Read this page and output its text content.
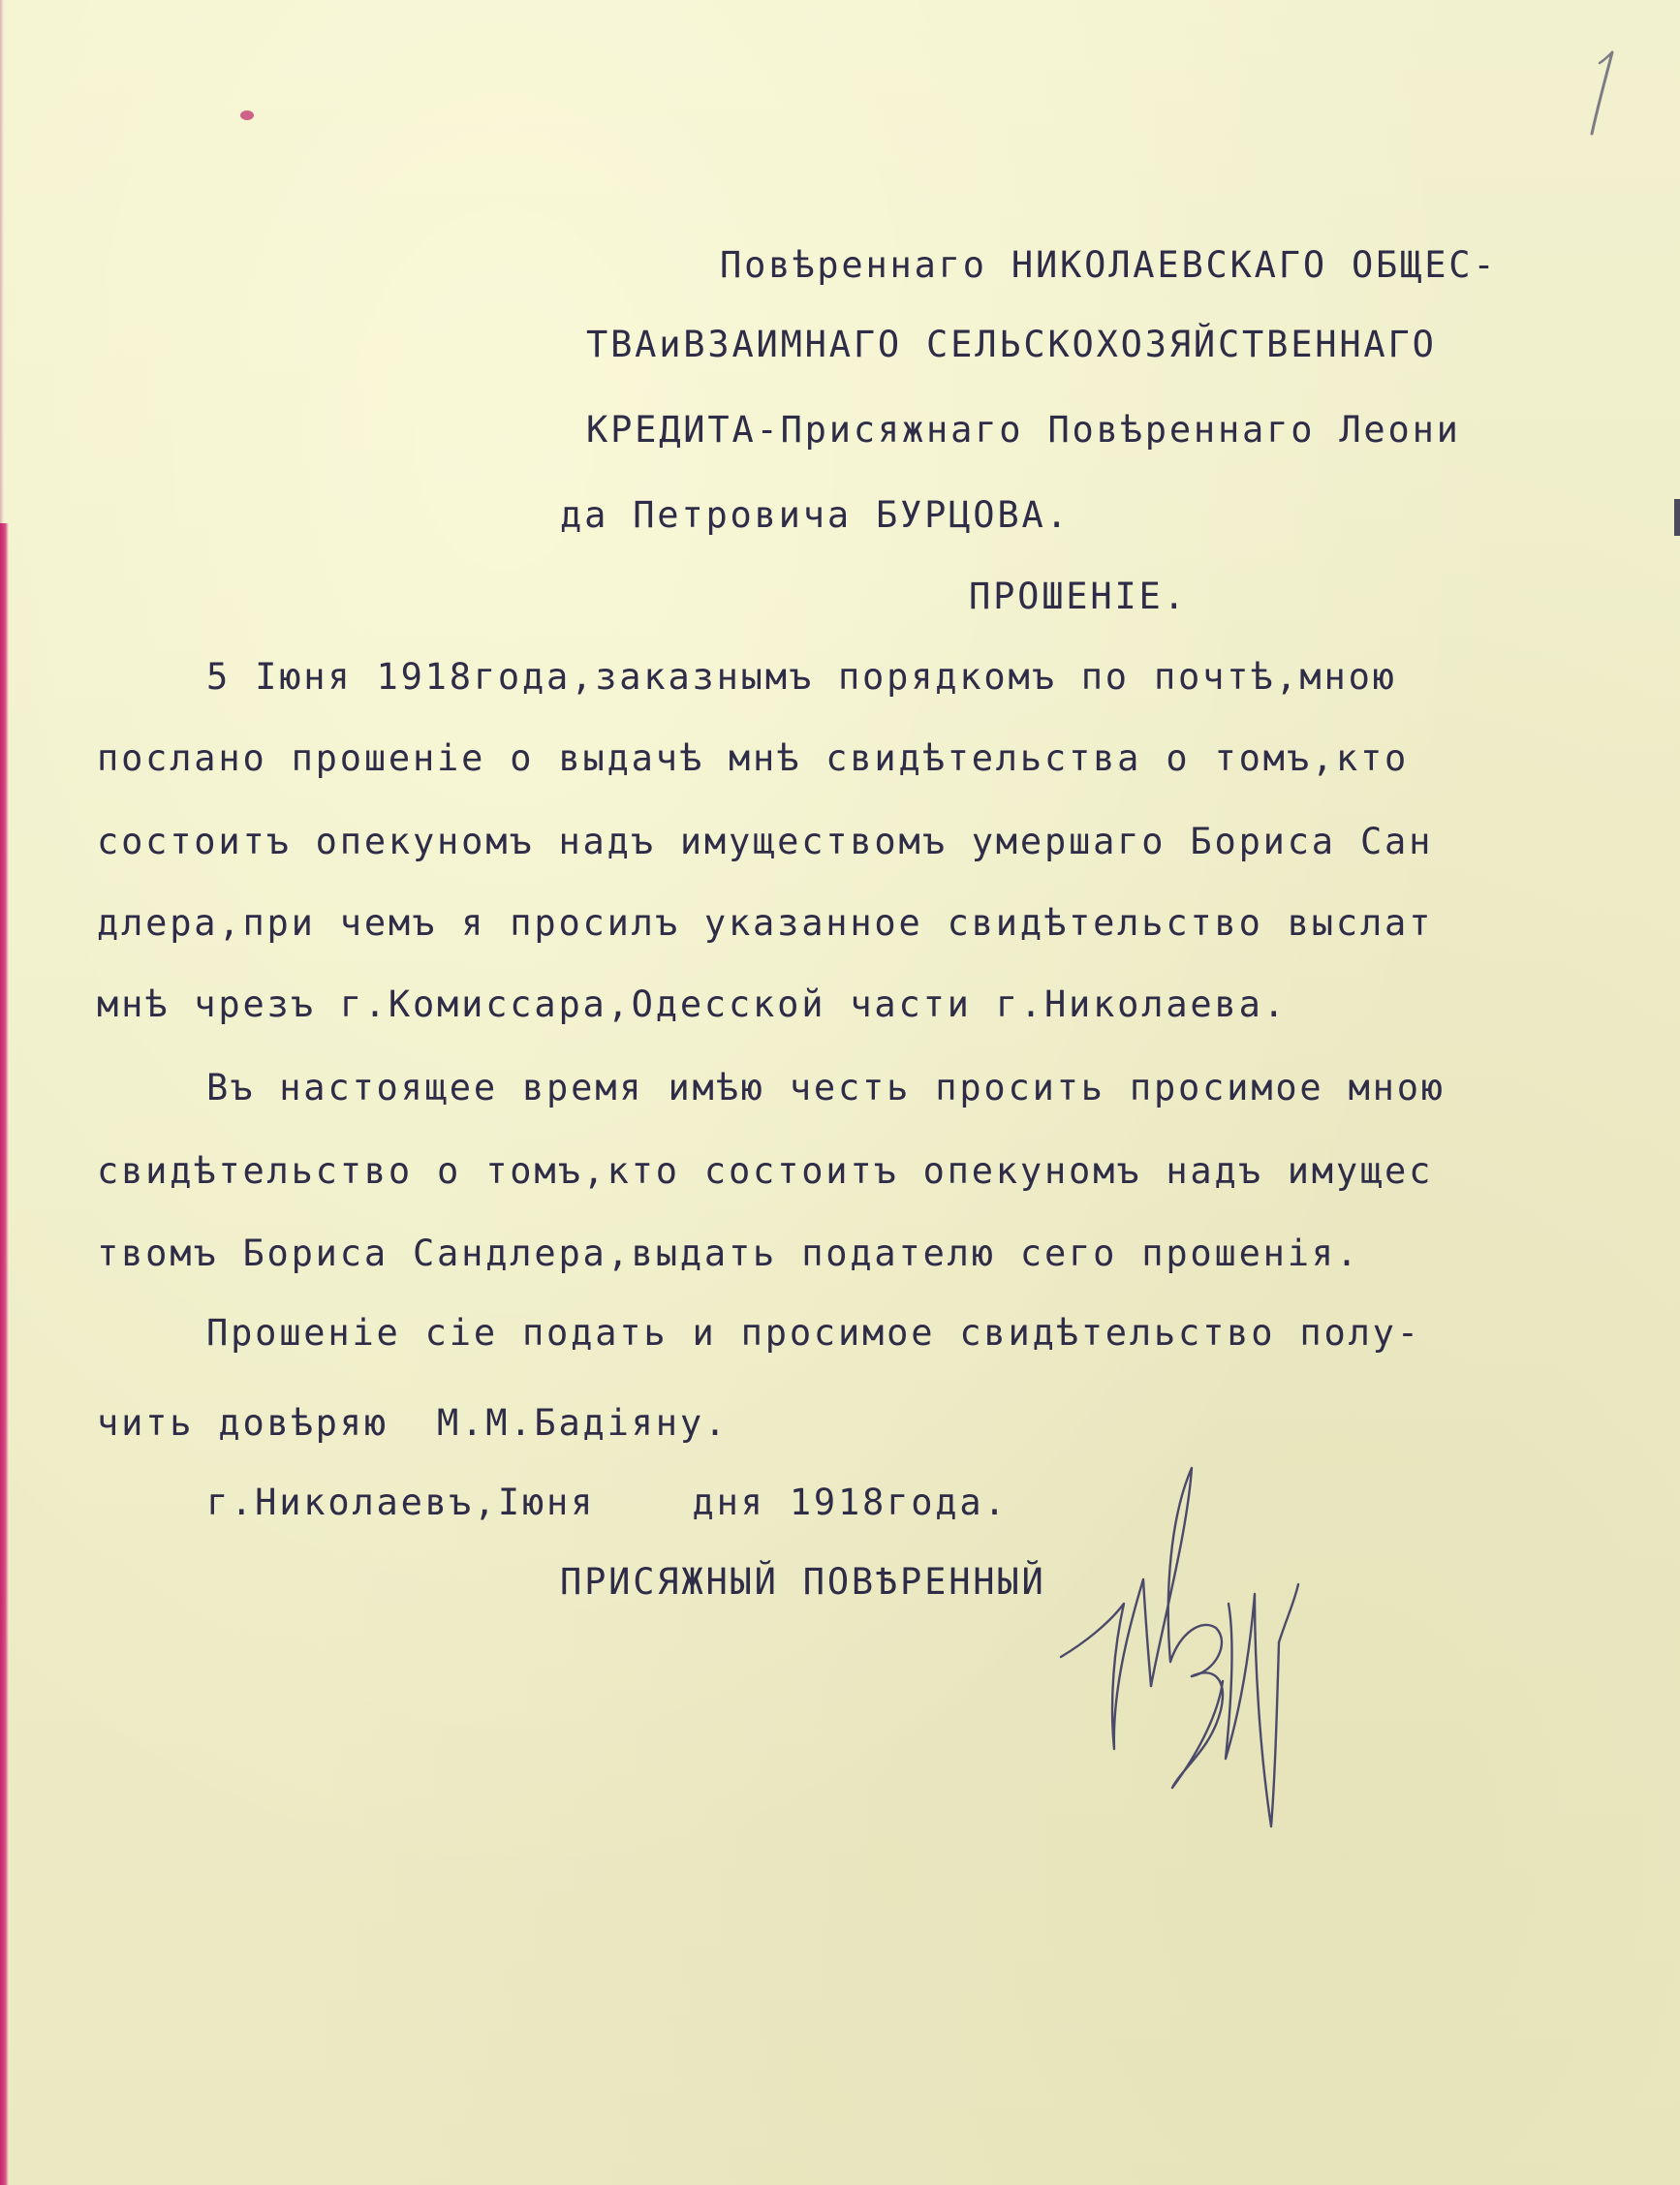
Повѣреннаго НИКОЛАЕВСКАГО ОБЩЕС-
ТВАиВЗАИМНАГО СЕЛЬСКОХОЗЯЙСТВЕННАГО
КРЕДИТА-Присяжнаго Повѣреннаго Леони
да Петровича БУРЦОВА.
ПРОШЕНІЕ.
5 Іюня 1918года,заказнымъ порядкомъ по почтѣ,мною
послано прошеніе о выдачѣ мнѣ свидѣтельства о томъ,кто
состоитъ опекуномъ надъ имуществомъ умершаго Бориса Сан
длера,при чемъ я просилъ указанное свидѣтельство выслат
мнѣ чрезъ г.Комиссара,Одесской части г.Николаева.
Въ настоящее время имѣю честь просить просимое мною
свидѣтельство о томъ,кто состоитъ опекуномъ надъ имущес
твомъ Бориса Сандлера,выдать подателю сего прошенія.
Прошеніе сіе подать и просимое свидѣтельство полу-
чить довѣряю  М.М.Бадіяну.
г.Николаевъ,Іюня    дня 1918года.
ПРИСЯЖНЫЙ ПОВѢРЕННЫЙ
